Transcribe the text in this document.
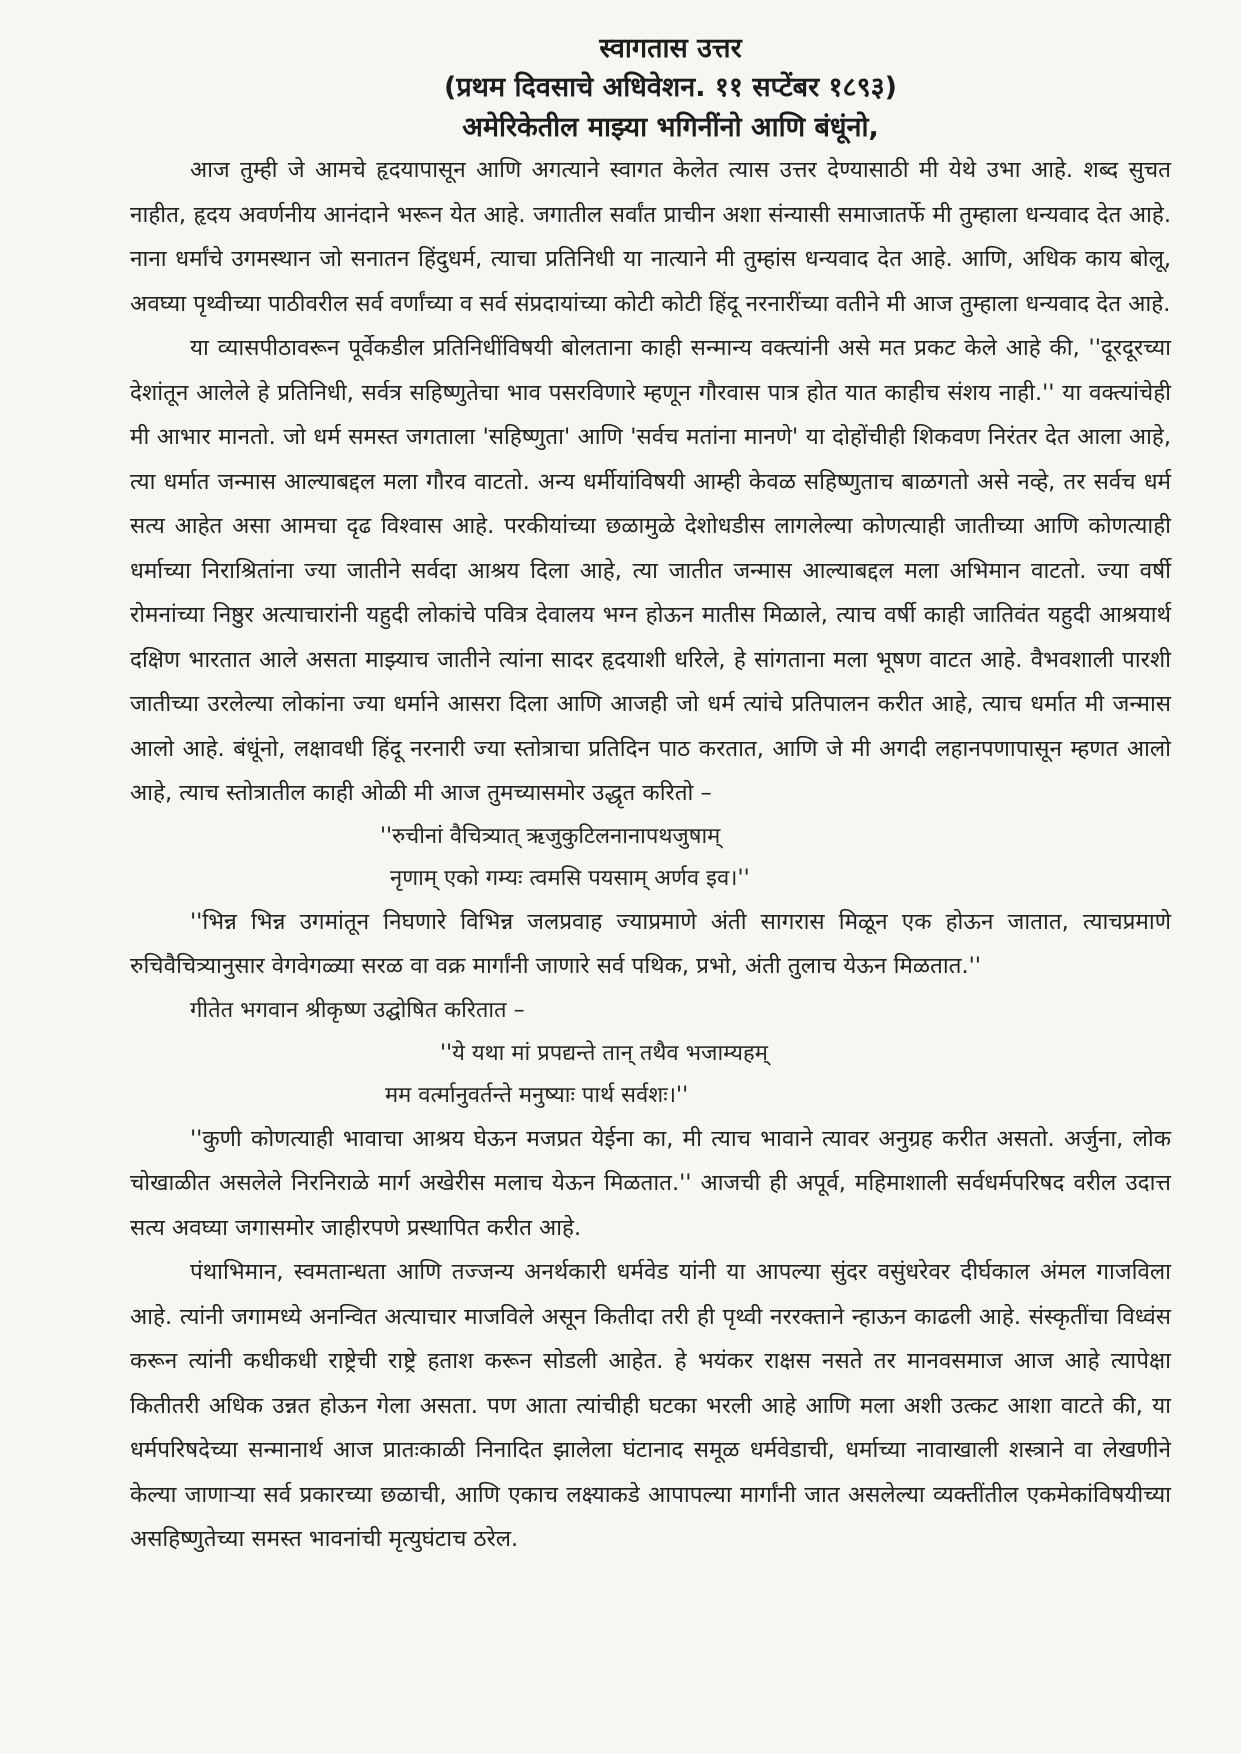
स्वागतास उत्तर

(प्रथम दिवसाचे अधिवेशन. ११ सप्टेंबर १८९३)

अमेरिकेतील माझ्या भगिनींनो आणि बंधूंनो,

आज तुम्ही जे आमचे हृदयापासून आणि अगत्याने स्वागत केलेत त्यास उत्तर देण्यासाठी मी येथे उभा आहे. शब्द सुचत नाहीत, हृदय अवर्णनीय आनंदाने भरून येत आहे. जगातील सर्वांत प्राचीन अशा संन्यासी समाजातर्फे मी तुम्हाला धन्यवाद देत आहे. नाना धर्मांचे उगमस्थान जो सनातन हिंदुधर्म, त्याचा प्रतिनिधी या नात्याने मी तुम्हांस धन्यवाद देत आहे. आणि, अधिक काय बोलू, अवघ्या पृथ्वीच्या पाठीवरील सर्व वर्णांच्या व सर्व संप्रदायांच्या कोटी कोटी हिंदू नरनारींच्या वतीने मी आज तुम्हाला धन्यवाद देत आहे.

या व्यासपीठावरून पूर्वेकडील प्रतिनिधींविषयी बोलताना काही सन्मान्य वक्त्यांनी असे मत प्रकट केले आहे की, ''दूरदूरच्या देशांतून आलेले हे प्रतिनिधी, सर्वत्र सहिष्णुतेचा भाव पसरविणारे म्हणून गौरवास पात्र होत यात काहीच संशय नाही.'' या वक्त्यांचेही मी आभार मानतो. जो धर्म समस्त जगताला 'सहिष्णुता' आणि 'सर्वच मतांना मानणे' या दोहोंचीही शिकवण निरंतर देत आला आहे, त्या धर्मात जन्मास आल्याबद्दल मला गौरव वाटतो. अन्य धर्मीयांविषयी आम्ही केवळ सहिष्णुताच बाळगतो असे नव्हे, तर सर्वच धर्म सत्य आहेत असा आमचा दृढ विश्वास आहे. परकीयांच्या छळामुळे देशोधडीस लागलेल्या कोणत्याही जातीच्या आणि कोणत्याही धर्माच्या निराश्रितांना ज्या जातीने सर्वदा आश्रय दिला आहे, त्या जातीत जन्मास आल्याबद्दल मला अभिमान वाटतो. ज्या वर्षी रोमनांच्या निष्ठुर अत्याचारांनी यहुदी लोकांचे पवित्र देवालय भग्न होऊन मातीस मिळाले, त्याच वर्षी काही जातिवंत यहुदी आश्रयार्थ दक्षिण भारतात आले असता माझ्याच जातीने त्यांना सादर हृदयाशी धरिले, हे सांगताना मला भूषण वाटत आहे. वैभवशाली पारशी जातीच्या उरलेल्या लोकांना ज्या धर्माने आसरा दिला आणि आजही जो धर्म त्यांचे प्रतिपालन करीत आहे, त्याच धर्मात मी जन्मास आलो आहे. बंधूंनो, लक्षावधी हिंदू नरनारी ज्या स्तोत्राचा प्रतिदिन पाठ करतात, आणि जे मी अगदी लहानपणापासून म्हणत आलो आहे, त्याच स्तोत्रातील काही ओळी मी आज तुमच्यासमोर उद्धृत करितो –

''रुचीनां वैचित्र्यात् ऋजुकुटिलनानापथजुषाम्

नृणाम् एको गम्यः त्वमसि पयसाम् अर्णव इव।''

''भिन्न भिन्न उगमांतून निघणारे विभिन्न जलप्रवाह ज्याप्रमाणे अंती सागरास मिळून एक होऊन जातात, त्याचप्रमाणे रुचिवैचित्र्यानुसार वेगवेगळ्या सरळ वा वक्र मार्गांनी जाणारे सर्व पथिक, प्रभो, अंती तुलाच येऊन मिळतात.''

गीतेत भगवान श्रीकृष्ण उद्घोषित करितात –

''ये यथा मां प्रपद्यन्ते तान् तथैव भजाम्यहम्

मम वर्त्मानुवर्तन्ते मनुष्याः पार्थ सर्वशः।''

''कुणी कोणत्याही भावाचा आश्रय घेऊन मजप्रत येईना का, मी त्याच भावाने त्यावर अनुग्रह करीत असतो. अर्जुना, लोक चोखाळीत असलेले निरनिराळे मार्ग अखेरीस मलाच येऊन मिळतात.'' आजची ही अपूर्व, महिमाशाली सर्वधर्मपरिषद वरील उदात्त सत्य अवघ्या जगासमोर जाहीरपणे प्रस्थापित करीत आहे.

पंथाभिमान, स्वमतान्धता आणि तज्जन्य अनर्थकारी धर्मवेड यांनी या आपल्या सुंदर वसुंधरेवर दीर्घकाल अंमल गाजविला आहे. त्यांनी जगामध्ये अनन्वित अत्याचार माजविले असून कितीदा तरी ही पृथ्वी नररक्ताने न्हाऊन काढली आहे. संस्कृतींचा विध्वंस करून त्यांनी कधीकधी राष्ट्रेची राष्ट्रे हताश करून सोडली आहेत. हे भयंकर राक्षस नसते तर मानवसमाज आज आहे त्यापेक्षा कितीतरी अधिक उन्नत होऊन गेला असता. पण आता त्यांचीही घटका भरली आहे आणि मला अशी उत्कट आशा वाटते की, या धर्मपरिषदेच्या सन्मानार्थ आज प्रातःकाळी निनादित झालेला घंटानाद समूळ धर्मवेडाची, धर्माच्या नावाखाली शस्त्राने वा लेखणीने केल्या जाणाऱ्या सर्व प्रकारच्या छळाची, आणि एकाच लक्ष्याकडे आपापल्या मार्गांनी जात असलेल्या व्यक्तींतील एकमेकांविषयीच्या असहिष्णुतेच्या समस्त भावनांची मृत्युघंटाच ठरेल.
